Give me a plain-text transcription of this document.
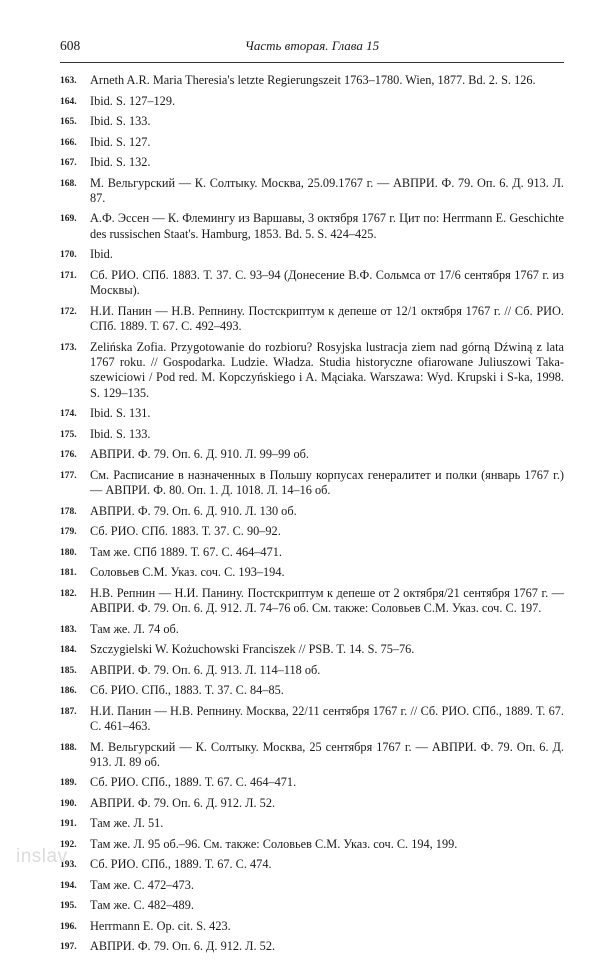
608	Часть вторая. Глава 15
163.	Arneth A.R. Maria Theresia's letzte Regierungszeit 1763–1780. Wien, 1877. Bd. 2. S. 126.
164.	Ibid. S. 127–129.
165.	Ibid. S. 133.
166.	Ibid. S. 127.
167.	Ibid. S. 132.
168.	М. Вельгурский — К. Солтыку. Москва, 25.09.1767 г. — АВПРИ. Ф. 79. Оп. 6. Д. 913. Л. 87.
169.	А.Ф. Эссен — К. Флемингу из Варшавы, 3 октября 1767 г. Цит по: Herrmann E. Geschichte des russischen Staat's. Hamburg, 1853. Bd. 5. S. 424–425.
170.	Ibid.
171.	Сб. РИО. СПб. 1883. Т. 37. С. 93–94 (Донесение В.Ф. Сольмса от 17/6 сентября 1767 г. из Москвы).
172.	Н.И. Панин — Н.В. Репнину. Постскриптум к депеше от 12/1 октября 1767 г. // Сб. РИО. СПб. 1889. Т. 67. С. 492–493.
173.	Zelińska Zofia. Przygotowanie do rozbioru? Rosyjska lustracja ziem nad górną Dźwiną z lata 1767 roku. // Gospodarka. Ludzie. Władza. Studia historyczne ofiarowane Juliuszowi Takaszewiciowi / Pod red. M. Kopczyńskiego i A. Mąciaka. Warszawa: Wyd. Krupski i S-ka, 1998. S. 129–135.
174.	Ibid. S. 131.
175.	Ibid. S. 133.
176.	АВПРИ. Ф. 79. Оп. 6. Д. 910. Л. 99–99 об.
177.	См. Расписание в назначенных в Польшу корпусах генералитет и полки (январь 1767 г.) — АВПРИ. Ф. 80. Оп. 1. Д. 1018. Л. 14–16 об.
178.	АВПРИ. Ф. 79. Оп. 6. Д. 910. Л. 130 об.
179.	Сб. РИО. СПб. 1883. Т. 37. С. 90–92.
180.	Там же. СПб 1889. Т. 67. С. 464–471.
181.	Соловьев С.М. Указ. соч. С. 193–194.
182.	Н.В. Репнин — Н.И. Панину. Постскриптум к депеше от 2 октября/21 сентября 1767 г. — АВПРИ. Ф. 79. Оп. 6. Д. 912. Л. 74–76 об. См. также: Соловьев С.М. Указ. соч. С. 197.
183.	Там же. Л. 74 об.
184.	Szczygielski W. Kożuchowski Franciszek // PSB. T. 14. S. 75–76.
185.	АВПРИ. Ф. 79. Оп. 6. Д. 913. Л. 114–118 об.
186.	Сб. РИО. СПб., 1883. Т. 37. С. 84–85.
187.	Н.И. Панин — Н.В. Репнину. Москва, 22/11 сентября 1767 г. // Сб. РИО. СПб., 1889. Т. 67. С. 461–463.
188.	М. Вельгурский — К. Солтыку. Москва, 25 сентября 1767 г. — АВПРИ. Ф. 79. Оп. 6. Д. 913. Л. 89 об.
189.	Сб. РИО. СПб., 1889. Т. 67. С. 464–471.
190.	АВПРИ. Ф. 79. Оп. 6. Д. 912. Л. 52.
191.	Там же. Л. 51.
192.	Там же. Л. 95 об.–96. См. также: Соловьев С.М. Указ. соч. С. 194, 199.
193.	Сб. РИО. СПб., 1889. Т. 67. С. 474.
194.	Там же. С. 472–473.
195.	Там же. С. 482–489.
196.	Herrmann E. Op. cit. S. 423.
197.	АВПРИ. Ф. 79. Оп. 6. Д. 912. Л. 52.
inslav
